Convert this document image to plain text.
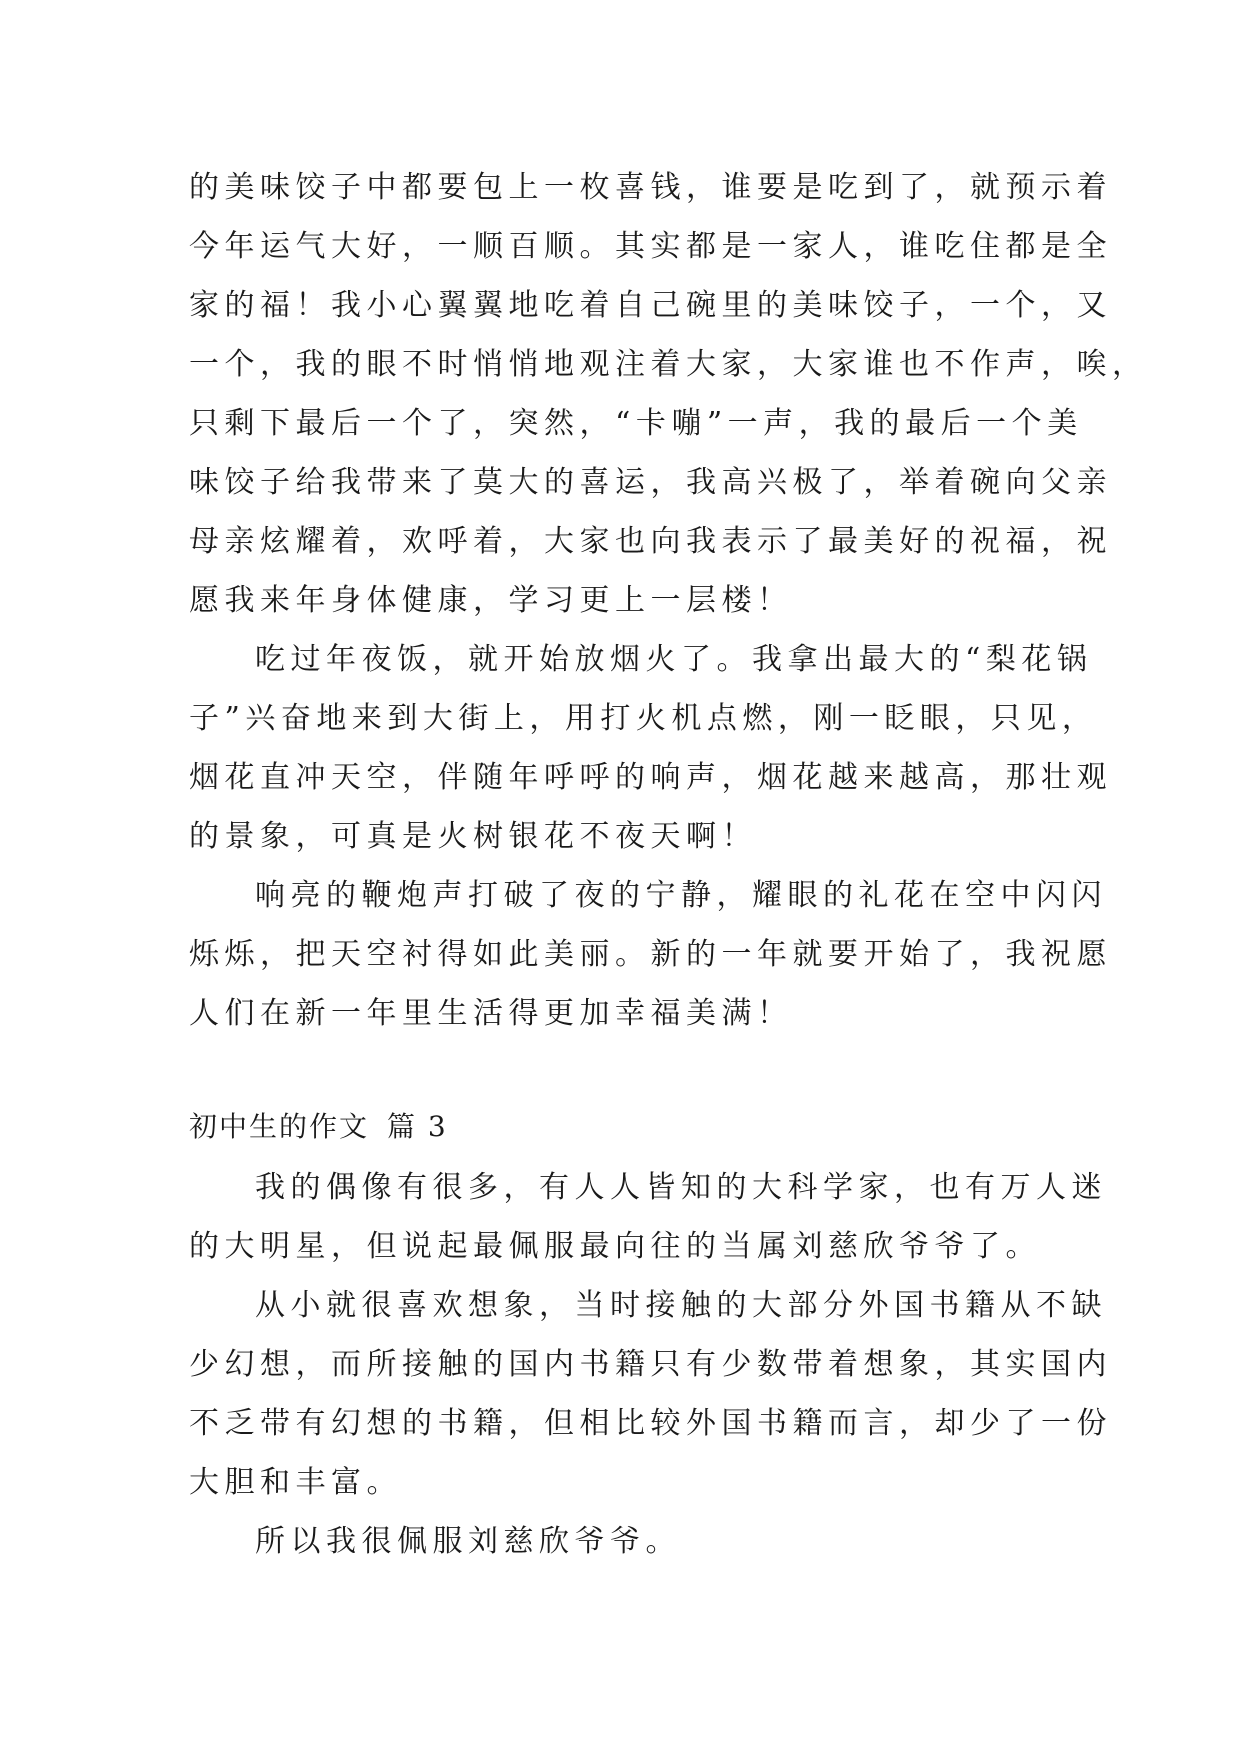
的美味饺子中都要包上一枚喜钱，谁要是吃到了，就预示着
今年运气大好，一顺百顺。其实都是一家人，谁吃住都是全
家的福！我小心翼翼地吃着自己碗里的美味饺子，一个，又
一个，我的眼不时悄悄地观注着大家，大家谁也不作声，唉，
只剩下最后一个了，突然，“卡嘣”一声，我的最后一个美
味饺子给我带来了莫大的喜运，我高兴极了，举着碗向父亲
母亲炫耀着，欢呼着，大家也向我表示了最美好的祝福，祝
愿我来年身体健康，学习更上一层楼！
吃过年夜饭，就开始放烟火了。我拿出最大的“梨花锅
子”兴奋地来到大街上，用打火机点燃，刚一眨眼，只见，
烟花直冲天空，伴随年呼呼的响声，烟花越来越高，那壮观
的景象，可真是火树银花不夜天啊！
响亮的鞭炮声打破了夜的宁静，耀眼的礼花在空中闪闪
烁烁，把天空衬得如此美丽。新的一年就要开始了，我祝愿
人们在新一年里生活得更加幸福美满！
初中生的作文 篇 3
我的偶像有很多，有人人皆知的大科学家，也有万人迷
的大明星，但说起最佩服最向往的当属刘慈欣爷爷了。
从小就很喜欢想象，当时接触的大部分外国书籍从不缺
少幻想，而所接触的国内书籍只有少数带着想象，其实国内
不乏带有幻想的书籍，但相比较外国书籍而言，却少了一份
大胆和丰富。
所以我很佩服刘慈欣爷爷。
